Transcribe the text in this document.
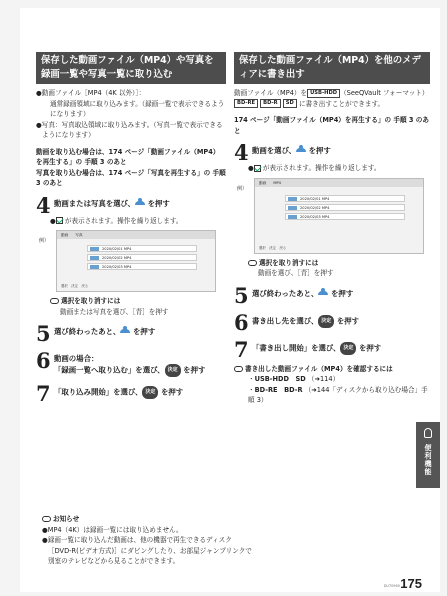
保存した動画ファイル（MP4）や写真を録画一覧や写真一覧に取り込む
●動画ファイル［MP4（4K 以外）］：
通常録画領域に取り込みます。（録画一覧で表示できるようになります）
●写真：写真取込領域に取り込みます。（写真一覧で表示できるようになります）
動画を取り込む場合は、174 ページ「動画ファイル（MP4）を再生する」の 手順 3 のあと
写真を取り込む場合は、174 ページ「写真を再生する」の 手順 3 のあと
4 動画または写真を選び、 を押す
● が表示されます。操作を繰り返します。
例）
動画　　写真
2020/02/01 MP4
2020/02/02 MP4
2020/02/03 MP4
選択　決定　戻る
選択を取り消すには
動画または写真を選び、［青］を押す
5 選び終わったあと、 を押す
6 動画の場合：
「録画一覧へ取り込む」を選び、 決定 を押す
7 「取り込み開始」を選び、 決定 を押す
保存した動画ファイル（MP4）を他のメディアに書き出す
動画ファイル（MP4）を USB-HDD （SeeQVault フォーマット） BD-RE BD-R SD に書き出すことができます。
174 ページ「動画ファイル（MP4）を再生する」の 手順 3 のあと
4 動画を選び、 を押す
● が表示されます。操作を繰り返します。
例）
動画　　MP4
2020/02/01 MP4
2020/02/02 MP4
2020/02/03 MP4
選択　決定　戻る
選択を取り消すには
動画を選び、［青］を押す
5 選び終わったあと、 を押す
6 書き出し先を選び、 決定 を押す
7 「書き出し開始」を選び、 決定 を押す
書き出した動画ファイル（MP4）を確認するには
・USB-HDD　SD （➜114）
・BD-RE　BD-R （➜144「ディスクから取り込む場合」手順 3）
便利機能
お知らせ
●MP4（4K）は録画一覧には取り込めません。
●録画一覧に取り込んだ動画は、他の機器で再生できるディスク［DVD-R(ビデオ方式)］にダビングしたり、お部屋ジャンプリンクで別室のテレビなどから見ることができます。
DUT0960 175
